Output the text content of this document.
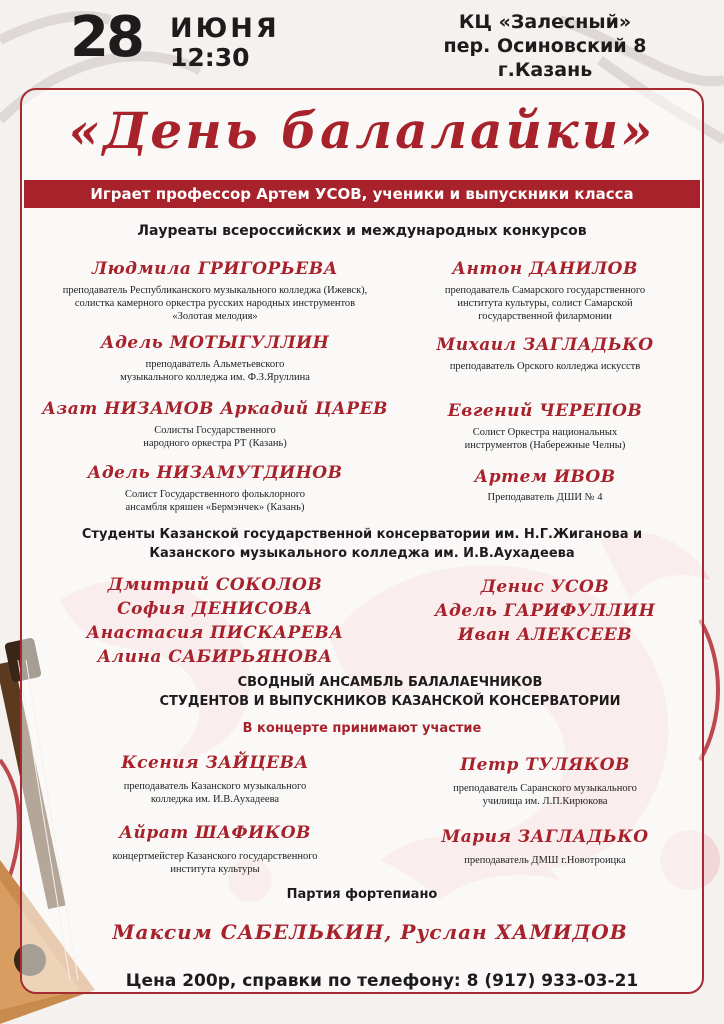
28 ИЮНЯ
12:30
КЦ «Залесный»
пер. Осиновский 8
г.Казань
«День балалайки»
Играет профессор Артем УСОВ, ученики и выпускники класса
Лауреаты всероссийских и международных конкурсов
Людмила ГРИГОРЬЕВА
преподаватель Республиканского музыкального колледжа (Ижевск),
солистка камерного оркестра русских народных инструментов
«Золотая мелодия»
Адель МОТЫГУЛЛИН
преподаватель Альметьевского
музыкального колледжа им. Ф.З.Яруллина
Азат НИЗАМОВ Аркадий ЦАРЕВ
Солисты Государственного
народного оркестра РТ (Казань)
Адель НИЗАМУТДИНОВ
Солист Государственного фольклорного
ансамбля кряшен «Бермэнчек» (Казань)
Антон ДАНИЛОВ
преподаватель Самарского государственного
института культуры, солист Самарской
государственной филармонии
Михаил ЗАГЛАДЬКО
преподаватель Орского колледжа искусств
Евгений ЧЕРЕПОВ
Солист Оркестра национальных
инструментов (Набережные Челны)
Артем ИВОВ
Преподаватель ДШИ № 4
Студенты Казанской государственной консерватории им. Н.Г.Жиганова и
Казанского музыкального колледжа им. И.В.Аухадеева
Дмитрий СОКОЛОВ
София ДЕНИСОВА
Анастасия ПИСКАРЕВА
Алина САБИРЬЯНОВА
Денис УСОВ
Адель ГАРИФУЛЛИН
Иван АЛЕКСЕЕВ
СВОДНЫЙ АНСАМБЛЬ БАЛАЛАЕЧНИКОВ
СТУДЕНТОВ И ВЫПУСКНИКОВ КАЗАНСКОЙ КОНСЕРВАТОРИИ
В концерте принимают участие
Ксения ЗАЙЦЕВА
преподаватель Казанского музыкального
колледжа им. И.В.Аухадеева
Айрат ШАФИКОВ
концертмейстер Казанского государственного
института культуры
Петр ТУЛЯКОВ
преподаватель Саранского музыкального
училища им. Л.П.Кирюкова
Мария ЗАГЛАДЬКО
преподаватель ДМШ г.Новотроицка
Партия фортепиано
Максим САБЕЛЬКИН, Руслан ХАМИДОВ
Цена 200р, справки по телефону: 8 (917) 933-03-21
